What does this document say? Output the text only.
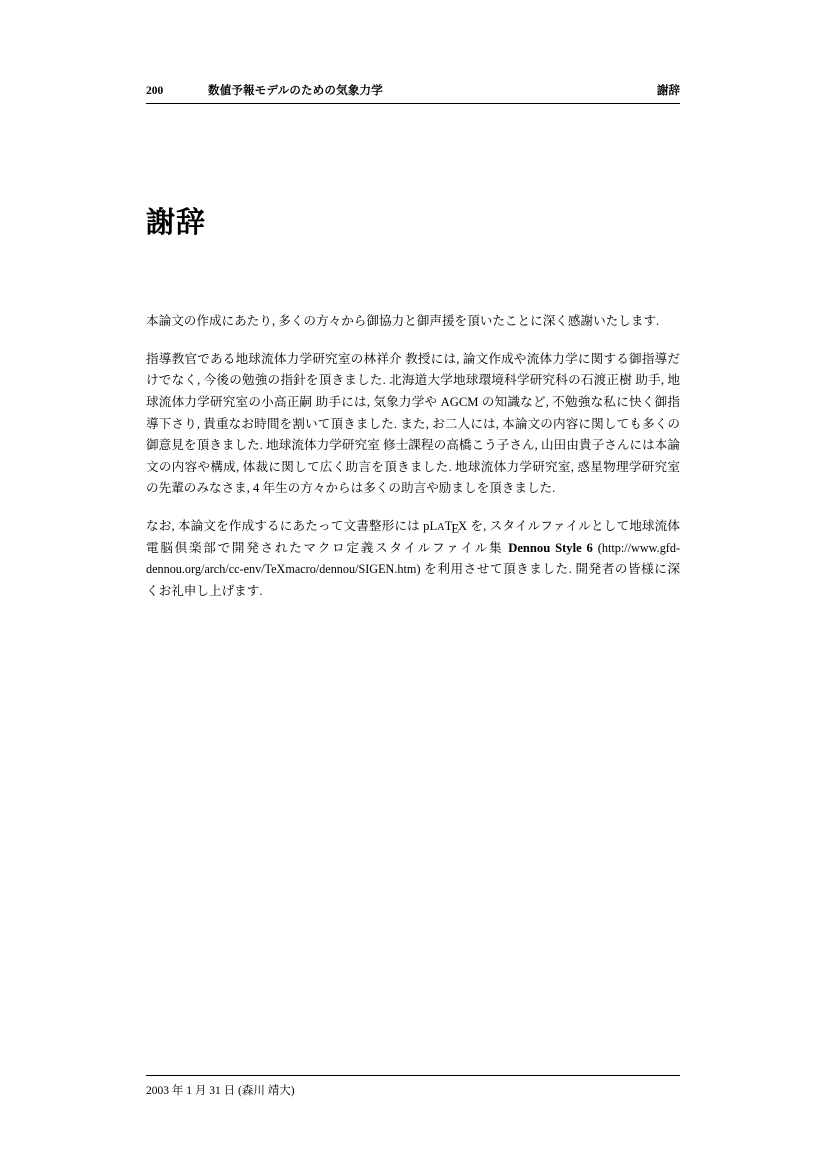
200	数値予報モデルのための気象力学	謝辞
謝辞

本論文の作成にあたり, 多くの方々から御協力と御声援を頂いたことに深く感謝いたします.

指導教官である地球流体力学研究室の林祥介 教授には, 論文作成や流体力学に関する御指導だけでなく, 今後の勉強の指針を頂きました. 北海道大学地球環境科学研究科の石渡正樹 助手, 地球流体力学研究室の小高正嗣 助手には, 気象力学や AGCM の知識など, 不勉強な私に快く御指導下さり, 貴重なお時間を割いて頂きました. また, お二人には, 本論文の内容に関しても多くの御意見を頂きました. 地球流体力学研究室 修士課程の高橋こう子さん, 山田由貴子さんには本論文の内容や構成, 体裁に関して広く助言を頂きました. 地球流体力学研究室, 惑星物理学研究室の先輩のみなさま, 4 年生の方々からは多くの助言や励ましを頂きました.

なお, 本論文を作成するにあたって文書整形には pLATEX を, スタイルファイルとして地球流体電脳倶楽部で開発されたマクロ定義スタイルファイル集 Dennou Style 6 (http://www.gfd-dennou.org/arch/cc-env/TeXmacro/dennou/SIGEN.htm) を利用させて頂きました. 開発者の皆様に深くお礼申し上げます.

2003 年 1 月 31 日 (森川 靖大)
